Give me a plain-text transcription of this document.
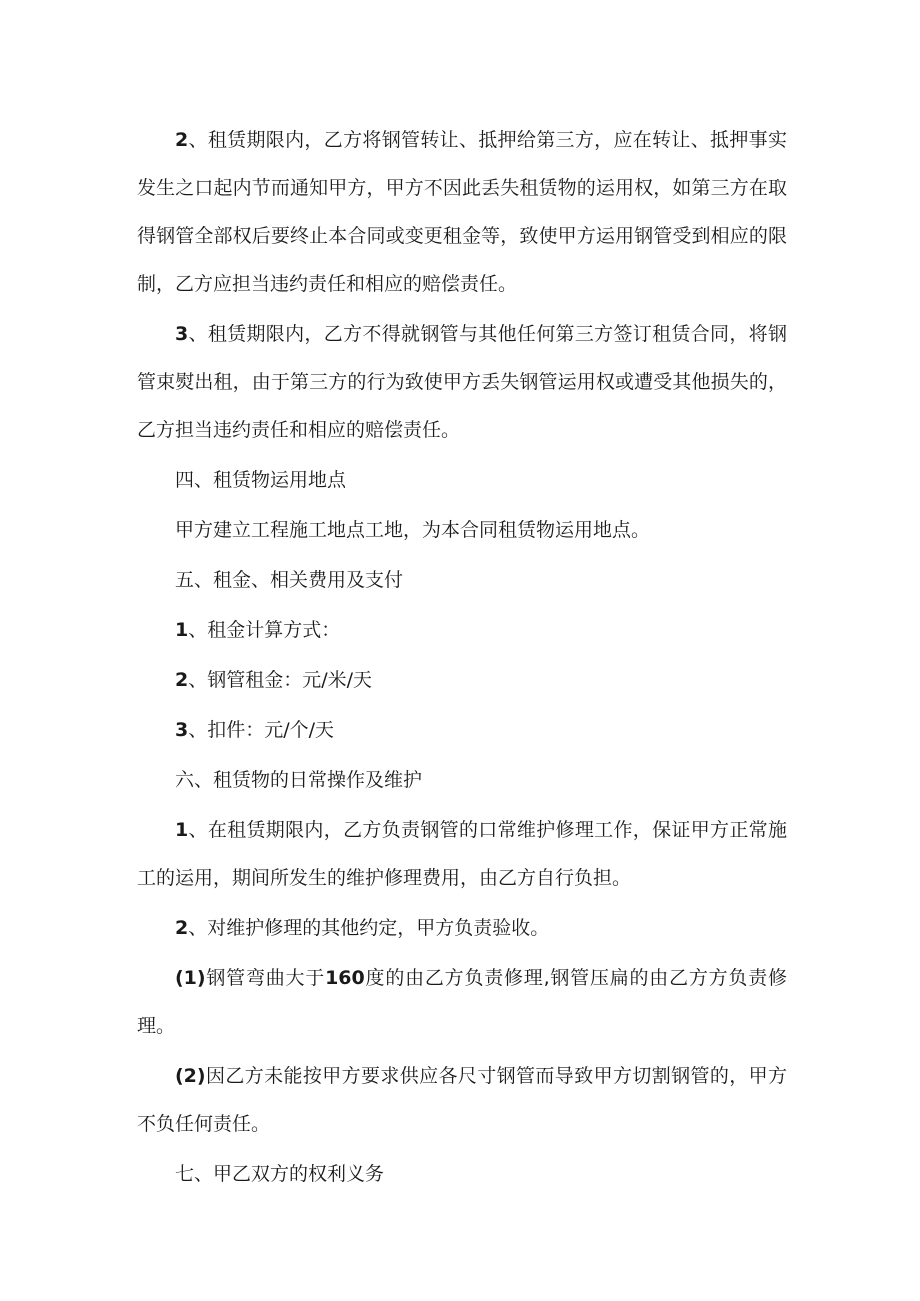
2、租赁期限内，乙方将钢管转让、抵押给第三方，应在转让、抵押事实发生之口起内节而通知甲方，甲方不因此丢失租赁物的运用权，如第三方在取得钢管全部权后要终止本合同或变更租金等，致使甲方运用钢管受到相应的限制，乙方应担当违约责任和相应的赔偿责任。

3、租赁期限内，乙方不得就钢管与其他任何第三方签订租赁合同，将钢管束熨出租，由于第三方的行为致使甲方丢失钢管运用权或遭受其他损失的，乙方担当违约责任和相应的赔偿责任。

四、租赁物运用地点

甲方建立工程施工地点工地，为本合同租赁物运用地点。

五、租金、相关费用及支付

1、租金计算方式：

2、钢管租金：元/米/天

3、扣件：元/个/天

六、租赁物的日常操作及维护

1、在租赁期限内，乙方负责钢管的口常维护修理工作，保证甲方正常施工的运用，期间所发生的维护修理费用，由乙方自行负担。

2、对维护修理的其他约定，甲方负责验收。

(1)钢管弯曲大于160度的由乙方负责修理,钢管压扁的由乙方方负责修理。

(2)因乙方未能按甲方要求供应各尺寸钢管而导致甲方切割钢管的，甲方不负任何责任。

七、甲乙双方的权利义务
